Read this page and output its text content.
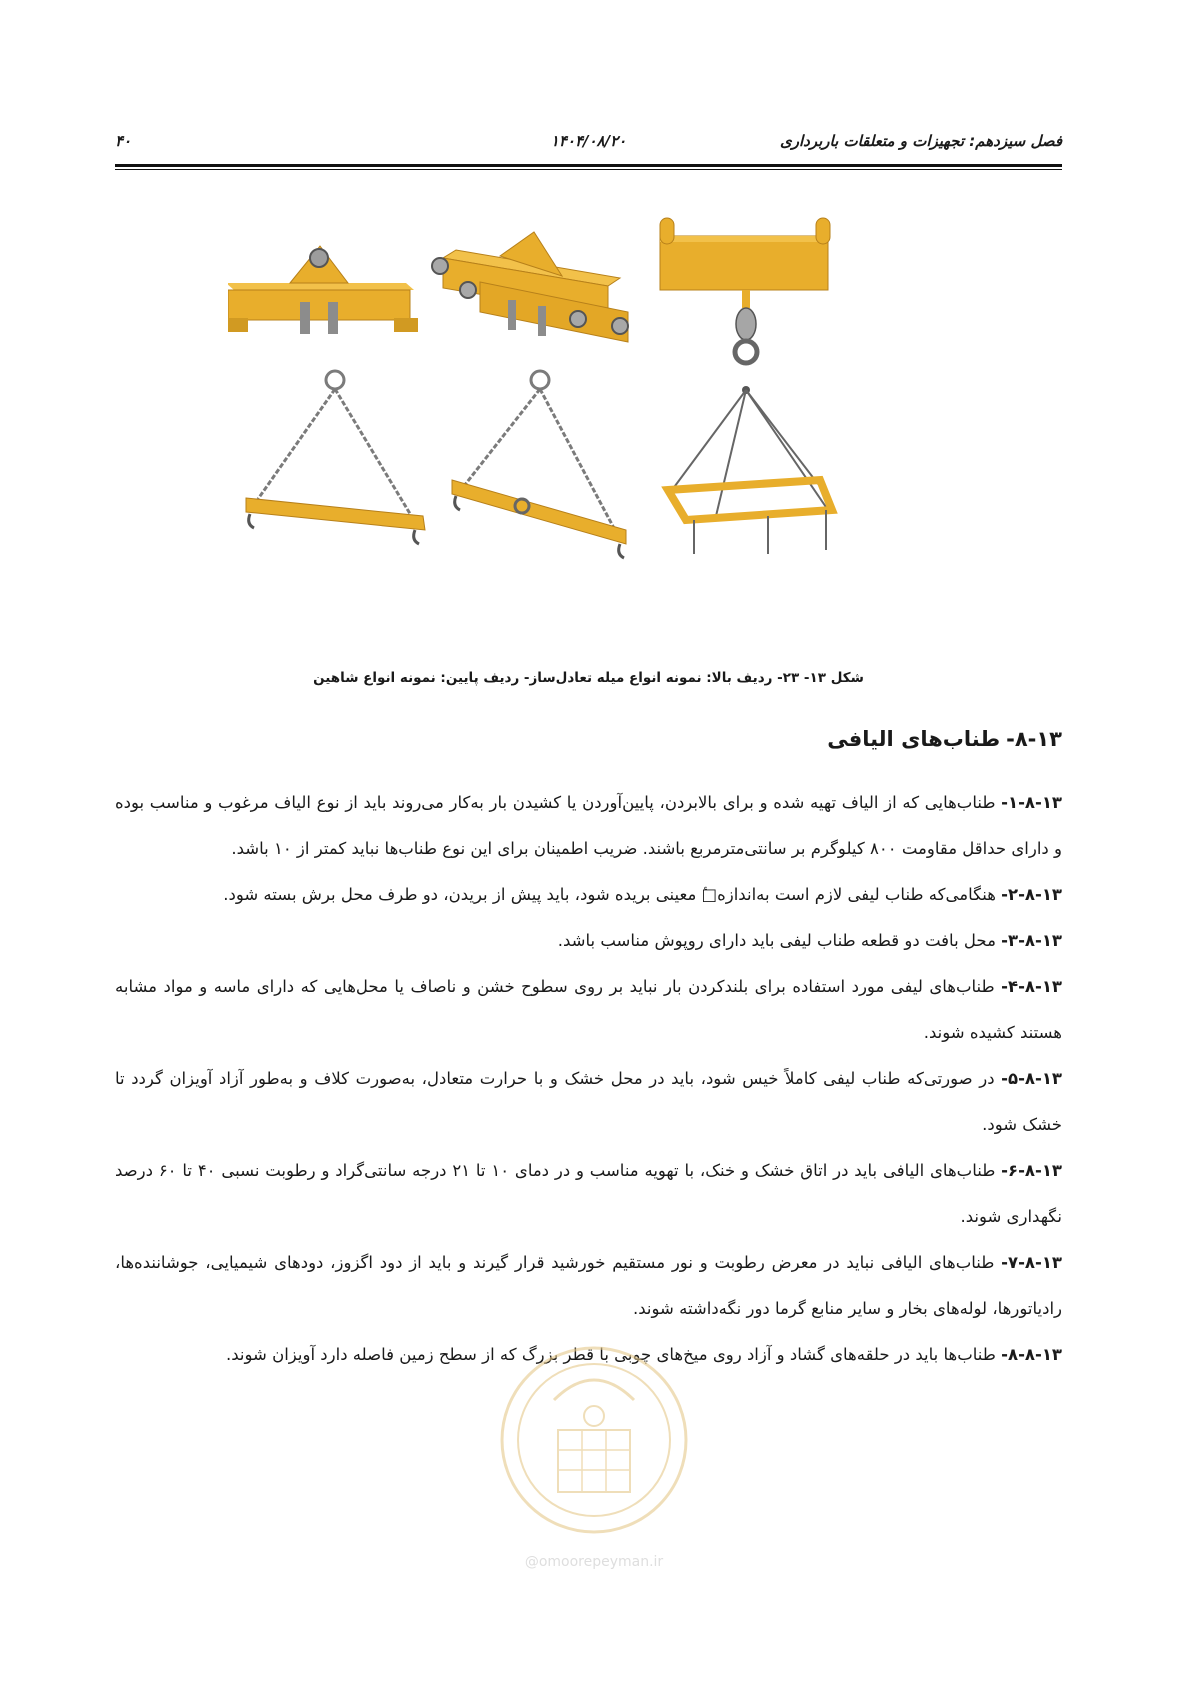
۴۰	۱۴۰۴/۰۸/۲۰	فصل سیزدهم: تجهیزات و متعلقات باربرداری
شکل ۱۳- ۲۳- ردیف بالا: نمونه انواع میله تعادل‌ساز- ردیف پایین: نمونه انواع شاهین
۸-۱۳-طناب‌های الیافی

۱-۸-۱۳- طناب‌هایی که از الیاف تهیه شده و برای بالابردن، پایین‌آوردن یا کشیدن بار به‌کار می‌روند باید از نوع الیاف مرغوب و مناسب بوده و دارای حداقل مقاومت ۸۰۰ کیلوگرم بر سانتی‌مترمربع باشند. ضریب اطمینان برای این نوع طناب‌ها نباید کمتر از ۱۰ باشد.

۲-۸-۱۳- هنگامی‌که طناب لیفی لازم است به‌اندازه□ٔ معینی بریده شود، باید پیش از بریدن، دو طرف محل برش بسته شود.

۳-۸-۱۳- محل بافت دو قطعه طناب لیفی باید دارای روپوش مناسب باشد.

۴-۸-۱۳- طناب‌های لیفی مورد استفاده برای بلندکردن بار نباید بر روی سطوح خشن و ناصاف یا محل‌هایی که دارای ماسه و مواد مشابه هستند کشیده شوند.

۵-۸-۱۳- در صورتی‌که طناب لیفی کاملاً خیس شود، باید در محل خشک و با حرارت متعادل، به‌صورت کلاف و به‌طور آزاد آویزان گردد تا خشک شود.

۶-۸-۱۳- طناب‌های الیافی باید در اتاق خشک و خنک، با تهویه مناسب و در دمای ۱۰ تا ۲۱ درجه سانتی‌گراد و رطوبت نسبی ۴۰ تا ۶۰ درصد نگهداری شوند.

۷-۸-۱۳- طناب‌های الیافی نباید در معرض رطوبت و نور مستقیم خورشید قرار گیرند و باید از دود اگزوز، دودهای شیمیایی، جوشاننده‌ها، رادیاتورها، لوله‌های بخار و سایر منابع گرما دور نگه‌داشته شوند.

۸-۸-۱۳- طناب‌ها باید در حلقه‌های گشاد و آزاد روی میخ‌های چوبی با قطر بزرگ که از سطح زمین فاصله دارد آویزان شوند.

@omoorepeyman.ir
